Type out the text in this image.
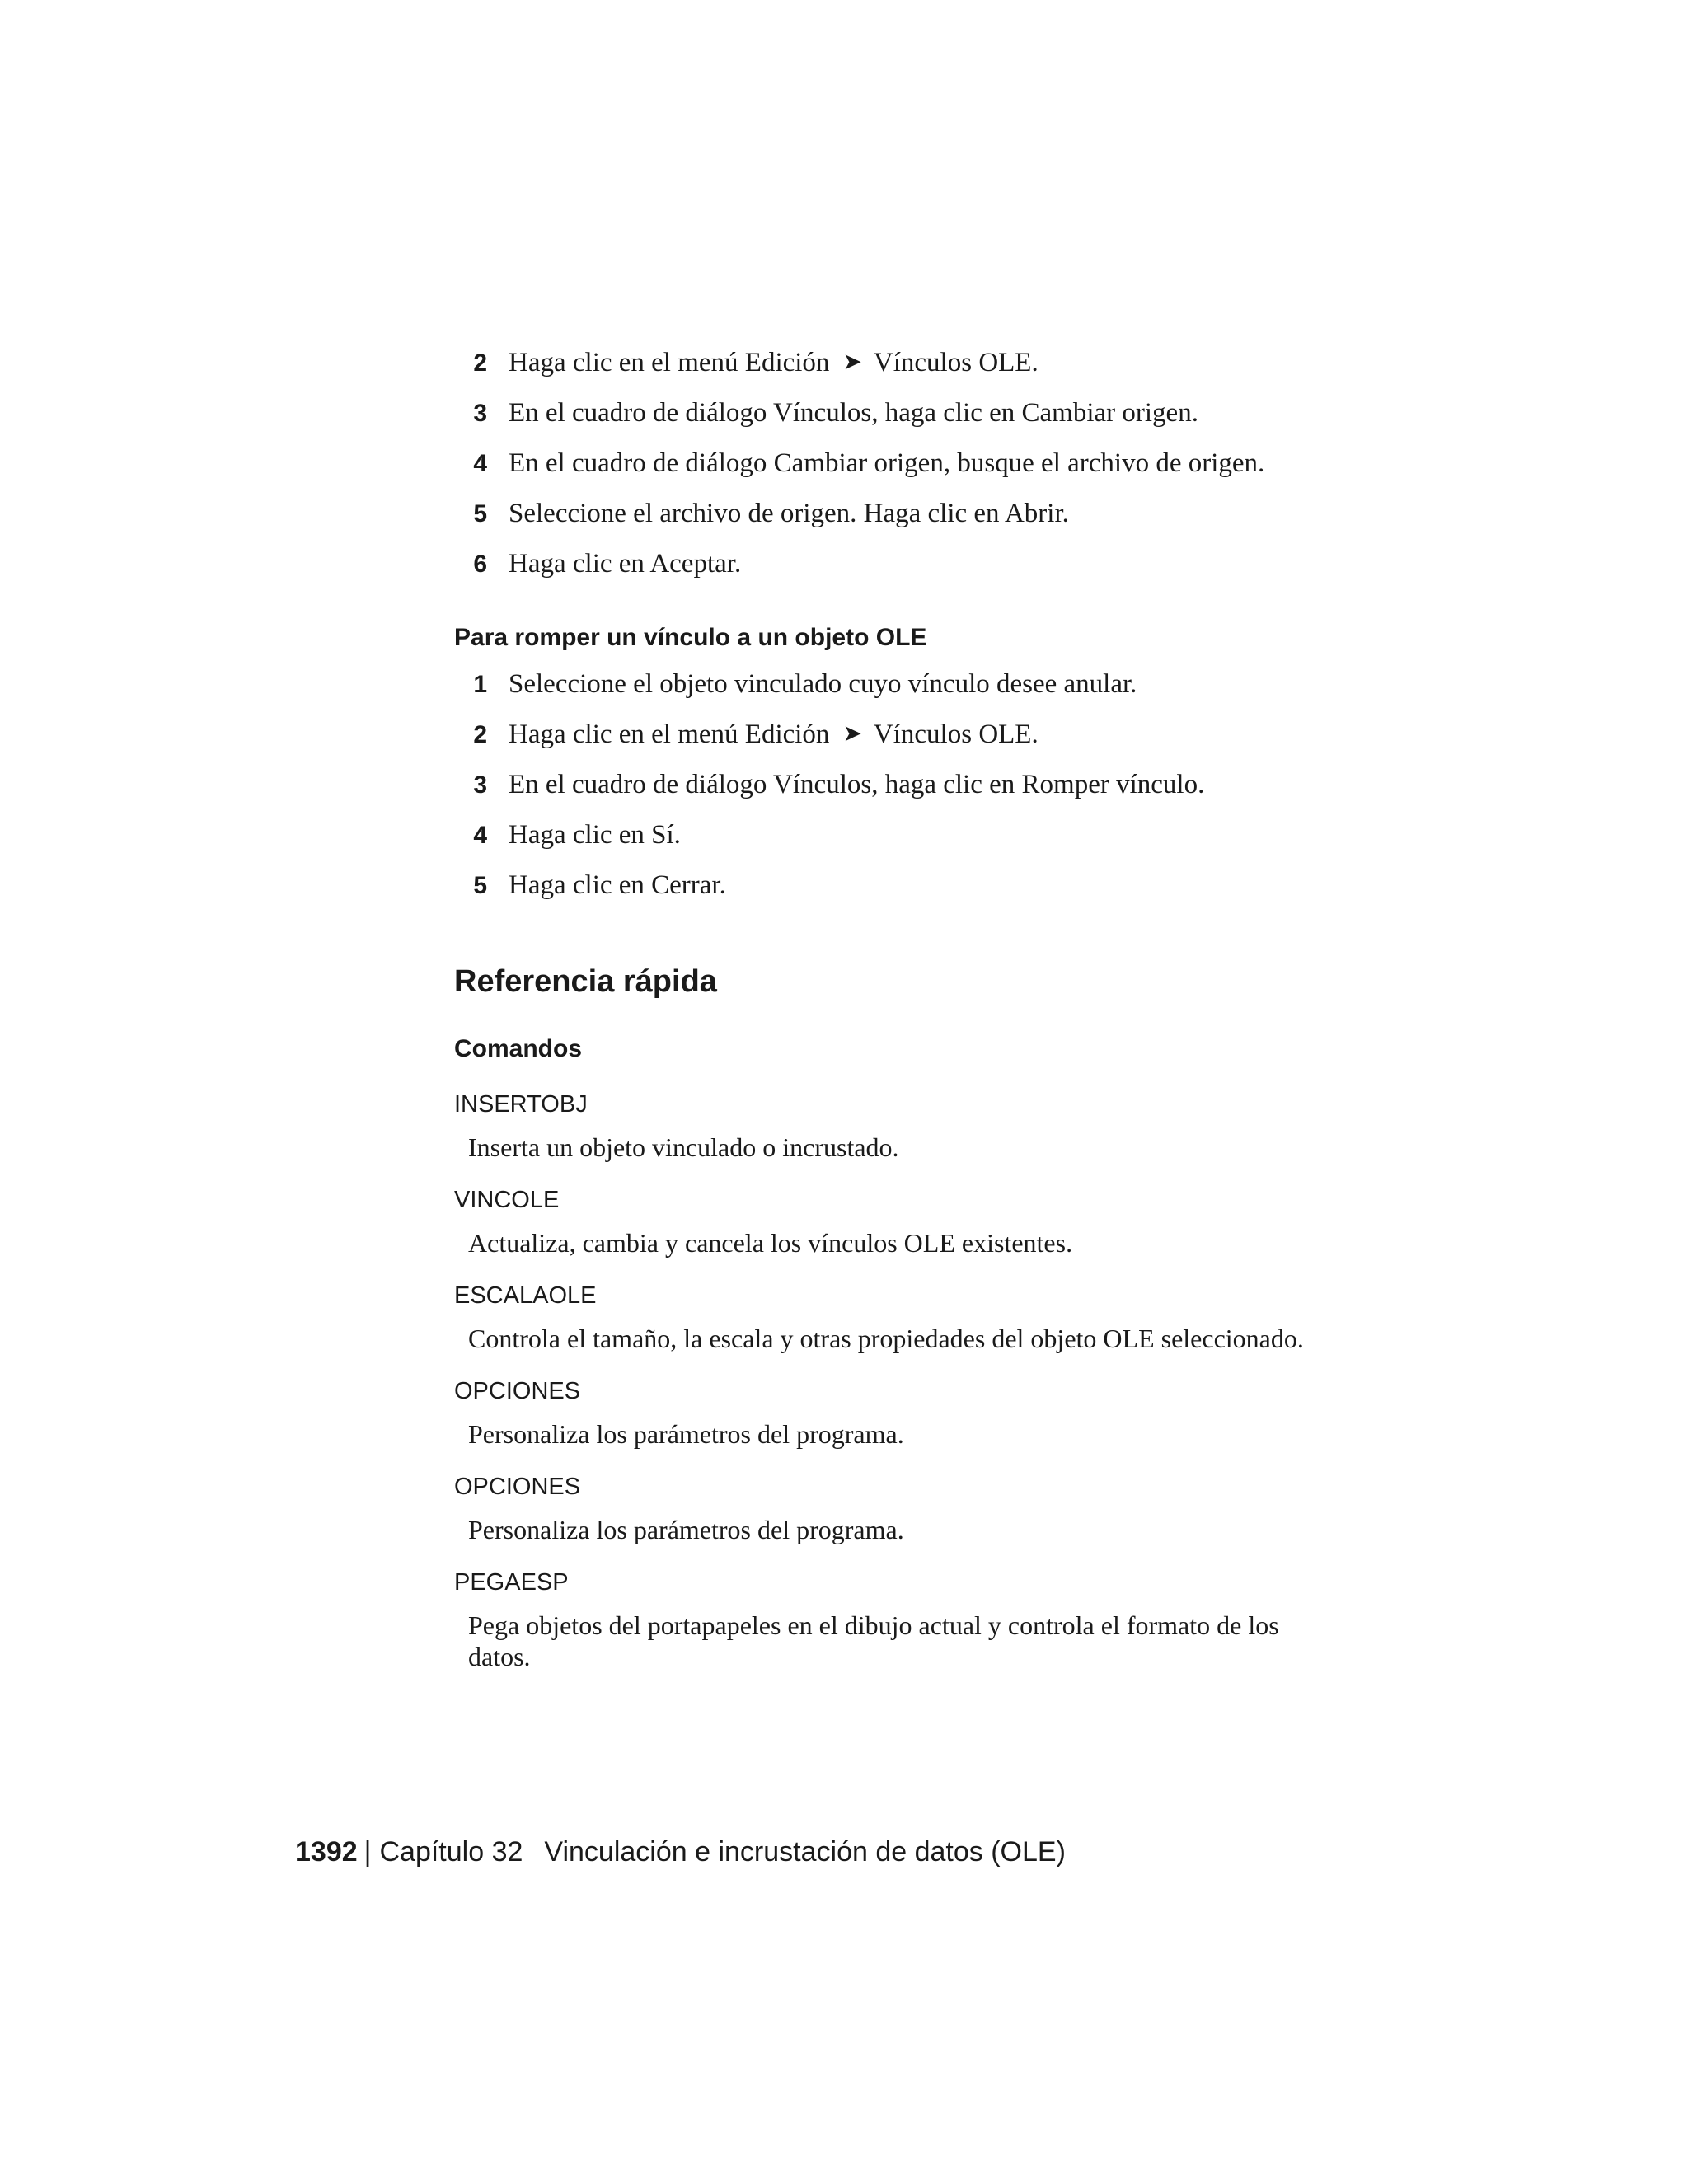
2 Haga clic en el menú Edición ➤ Vínculos OLE.
3 En el cuadro de diálogo Vínculos, haga clic en Cambiar origen.
4 En el cuadro de diálogo Cambiar origen, busque el archivo de origen.
5 Seleccione el archivo de origen. Haga clic en Abrir.
6 Haga clic en Aceptar.
Para romper un vínculo a un objeto OLE
1 Seleccione el objeto vinculado cuyo vínculo desee anular.
2 Haga clic en el menú Edición ➤ Vínculos OLE.
3 En el cuadro de diálogo Vínculos, haga clic en Romper vínculo.
4 Haga clic en Sí.
5 Haga clic en Cerrar.
Referencia rápida
Comandos
INSERTOBJ
Inserta un objeto vinculado o incrustado.
VINCOLE
Actualiza, cambia y cancela los vínculos OLE existentes.
ESCALAOLE
Controla el tamaño, la escala y otras propiedades del objeto OLE seleccionado.
OPCIONES
Personaliza los parámetros del programa.
OPCIONES
Personaliza los parámetros del programa.
PEGAESP
Pega objetos del portapapeles en el dibujo actual y controla el formato de los datos.
1392 | Capítulo 32 Vinculación e incrustación de datos (OLE)
